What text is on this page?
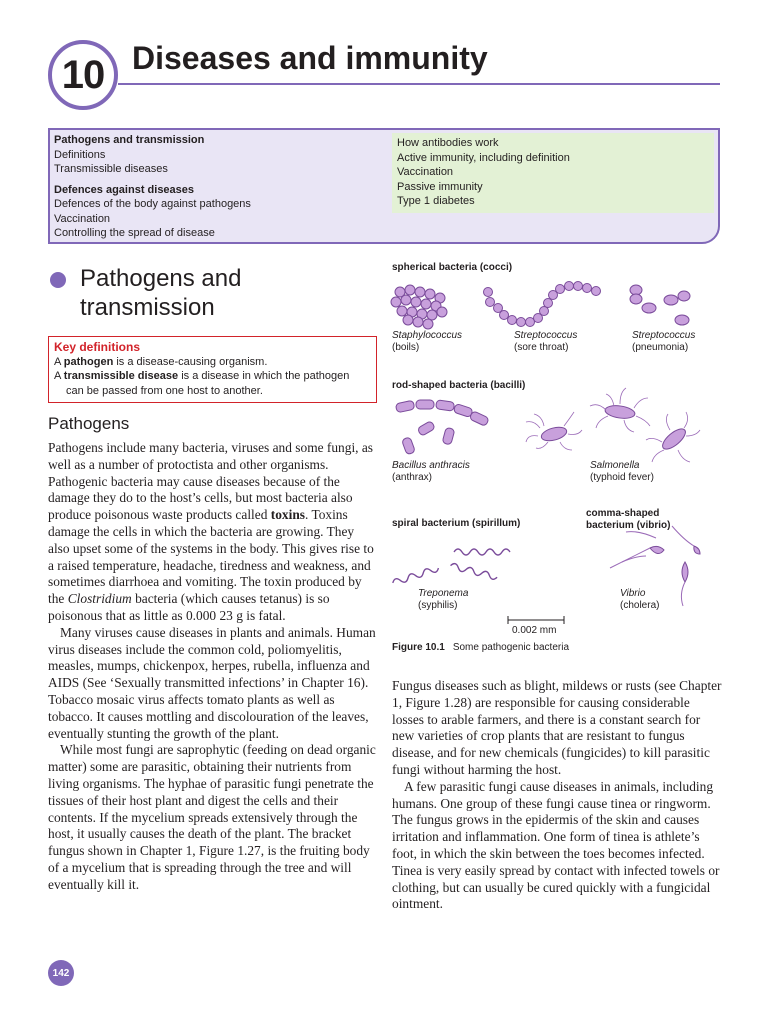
10 Diseases and immunity
Pathogens and transmission
Definitions
Transmissible diseases
Defences against diseases
Defences of the body against pathogens
Vaccination
Controlling the spread of disease
How antibodies work
Active immunity, including definition
Vaccination
Passive immunity
Type 1 diabetes
Pathogens and transmission
Key definitions
A pathogen is a disease-causing organism.
A transmissible disease is a disease in which the pathogen
can be passed from one host to another.
Pathogens

Pathogens include many bacteria, viruses and some fungi, as well as a number of protoctista and other organisms. Pathogenic bacteria may cause diseases because of the damage they do to the host’s cells, but most bacteria also produce poisonous waste products called toxins. Toxins damage the cells in which the bacteria are growing. They also upset some of the systems in the body. This gives rise to a raised temperature, headache, tiredness and weakness, and sometimes diarrhoea and vomiting. The toxin produced by the Clostridium bacteria (which causes tetanus) is so poisonous that as little as 0.000 23 g is fatal.

Many viruses cause diseases in plants and animals. Human virus diseases include the common cold, poliomyelitis, measles, mumps, chickenpox, herpes, rubella, influenza and AIDS (See ‘Sexually transmitted infections’ in Chapter 16). Tobacco mosaic virus affects tomato plants as well as tobacco. It causes mottling and discolouration of the leaves, eventually stunting the growth of the plant.

While most fungi are saprophytic (feeding on dead organic matter) some are parasitic, obtaining their nutrients from living organisms. The hyphae of parasitic fungi penetrate the tissues of their host plant and digest the cells and their contents. If the mycelium spreads extensively through the host, it usually causes the death of the plant. The bracket fungus shown in Chapter 1, Figure 1.27, is the fruiting body of a mycelium that is spreading through the tree and will eventually kill it.

spherical bacteria (cocci)
Staphylococcus
(boils)
Streptococcus
(sore throat)
Streptococcus
(pneumonia)
rod-shaped bacteria (bacilli)
Bacillus anthracis
(anthrax)
Salmonella
(typhoid fever)
spiral bacterium (spirillum)
comma-shaped
bacterium (vibrio)
Treponema
(syphilis)
Vibrio
(cholera)
0.002 mm
Figure 10.1 Some pathogenic bacteria

Fungus diseases such as blight, mildews or rusts (see Chapter 1, Figure 1.28) are responsible for causing considerable losses to arable farmers, and there is a constant search for new varieties of crop plants that are resistant to fungus disease, and for new chemicals (fungicides) to kill parasitic fungi without harming the host.

A few parasitic fungi cause diseases in animals, including humans. One group of these fungi cause tinea or ringworm. The fungus grows in the epidermis of the skin and causes irritation and inflammation. One form of tinea is athlete’s foot, in which the skin between the toes becomes infected. Tinea is very easily spread by contact with infected towels or clothing, but can usually be cured quickly with a fungicidal ointment.

142
